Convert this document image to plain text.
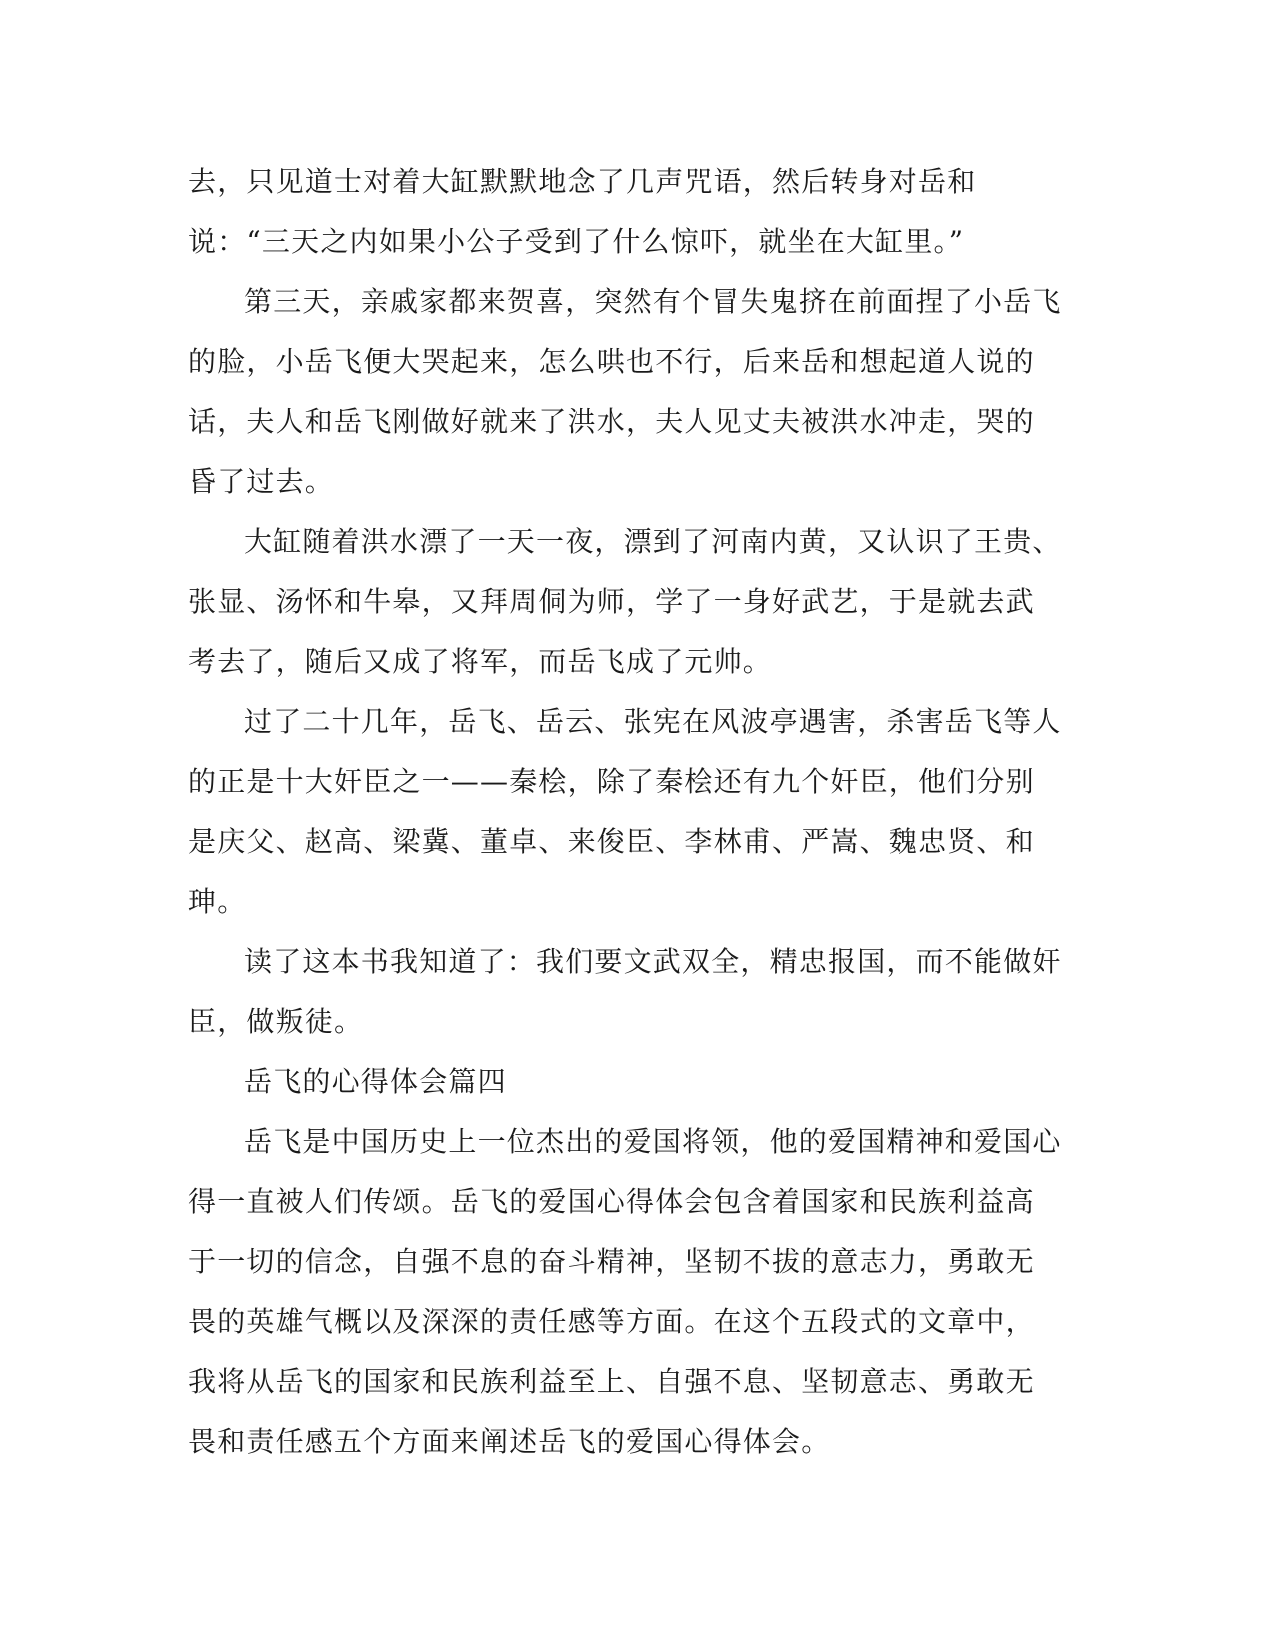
去，只见道士对着大缸默默地念了几声咒语，然后转身对岳和说：“三天之内如果小公子受到了什么惊吓，就坐在大缸里。”

第三天，亲戚家都来贺喜，突然有个冒失鬼挤在前面捏了小岳飞的脸，小岳飞便大哭起来，怎么哄也不行，后来岳和想起道人说的话，夫人和岳飞刚做好就来了洪水，夫人见丈夫被洪水冲走，哭的昏了过去。

大缸随着洪水漂了一天一夜，漂到了河南内黄，又认识了王贵、张显、汤怀和牛皋，又拜周侗为师，学了一身好武艺，于是就去武考去了，随后又成了将军，而岳飞成了元帅。

过了二十几年，岳飞、岳云、张宪在风波亭遇害，杀害岳飞等人的正是十大奸臣之一——秦桧，除了秦桧还有九个奸臣，他们分别是庆父、赵高、梁冀、董卓、来俊臣、李林甫、严嵩、魏忠贤、和珅。

读了这本书我知道了：我们要文武双全，精忠报国，而不能做奸臣，做叛徒。

岳飞的心得体会篇四

岳飞是中国历史上一位杰出的爱国将领，他的爱国精神和爱国心得一直被人们传颂。岳飞的爱国心得体会包含着国家和民族利益高于一切的信念，自强不息的奋斗精神，坚韧不拔的意志力，勇敢无畏的英雄气概以及深深的责任感等方面。在这个五段式的文章中，我将从岳飞的国家和民族利益至上、自强不息、坚韧意志、勇敢无畏和责任感五个方面来阐述岳飞的爱国心得体会。
